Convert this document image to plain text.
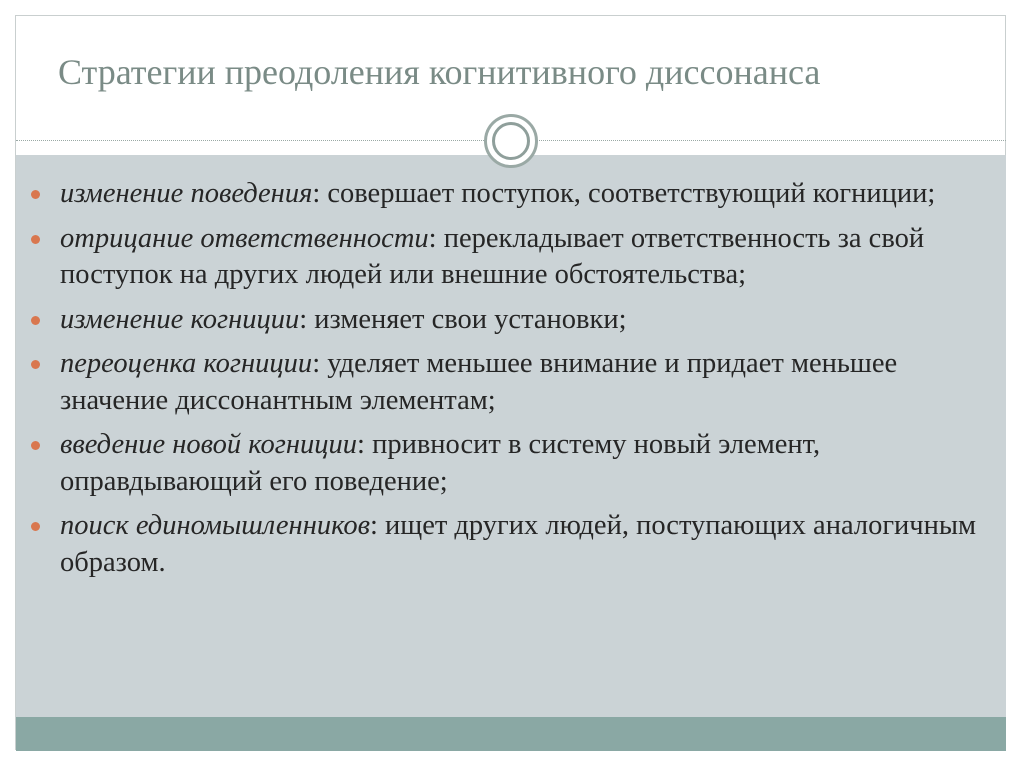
Стратегии преодоления когнитивного диссонанса
изменение поведения: совершает поступок, соответствующий когниции;
отрицание ответственности: перекладывает ответственность за свой поступок на других людей или внешние обстоятельства;
изменение когниции: изменяет свои установки;
переоценка когниции: уделяет меньшее внимание и придает меньшее значение диссонантным элементам;
введение новой когниции: привносит в систему новый элемент, оправдывающий его поведение;
поиск единомышленников: ищет других людей, поступающих аналогичным образом.
